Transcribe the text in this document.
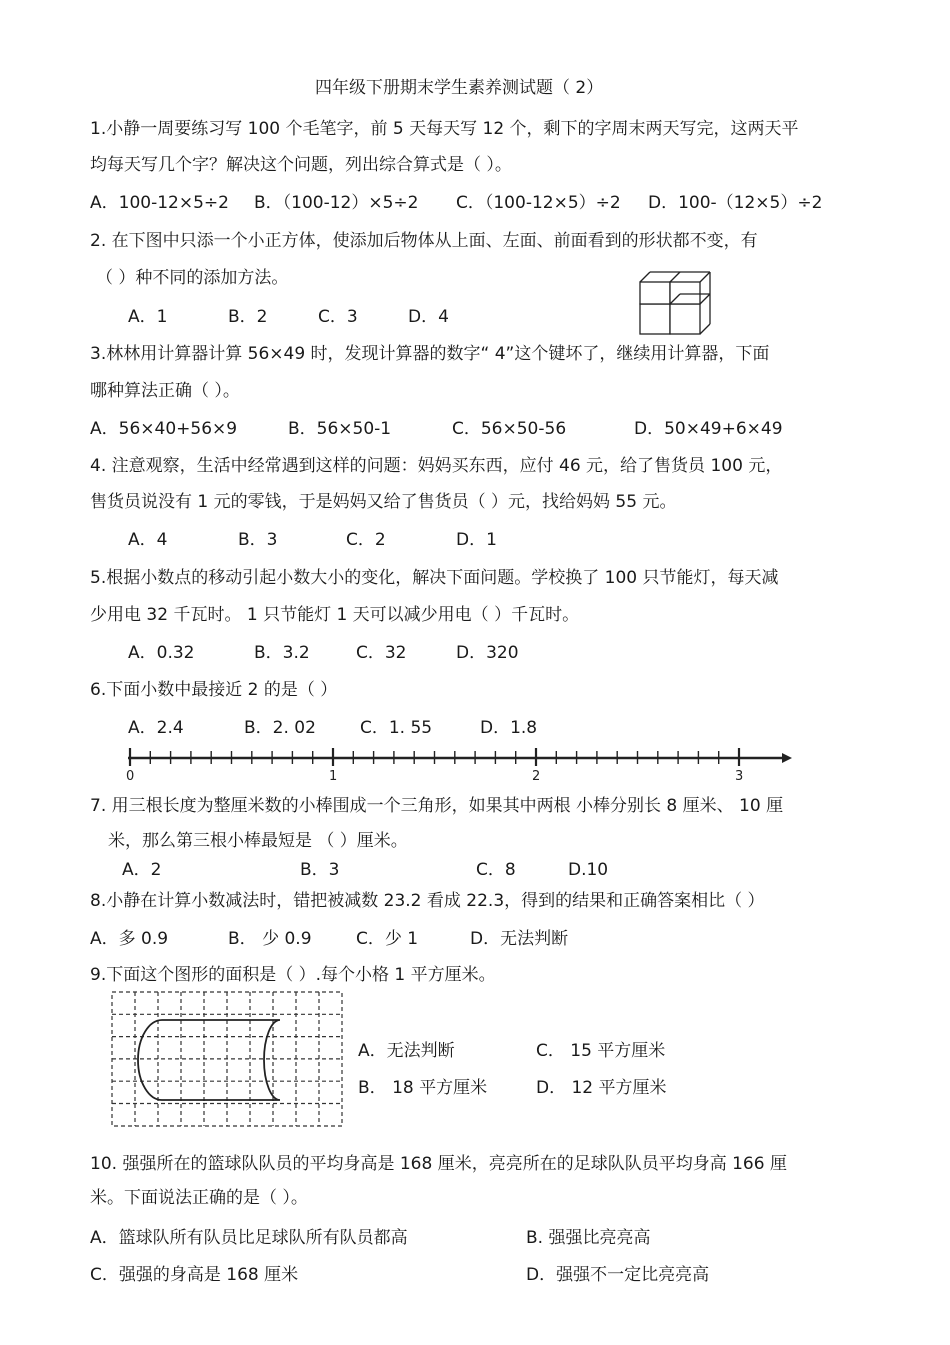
四年级下册期末学生素养测试题（ 2）
1.小静一周要练习写 100 个毛笔字，前 5 天每天写 12 个，剩下的字周末两天写完，这两天平
均每天写几个字？解决这个问题，列出综合算式是（ ）。
A．100-12×5÷2 B．（100-12）×5÷2 C．（100-12×5）÷2 D．100-（12×5）÷2
2. 在下图中只添一个小正方体，使添加后物体从上面、左面、前面看到的形状都不变，有
（ ）种不同的添加方法。
A．1	B．2	C．3	D．4
3.林林用计算器计算 56×49 时，发现计算器的数字“ 4”这个键坏了，继续用计算器，下面
哪种算法正确（ ）。
A．56×40+56×9	B．56×50-1	C．56×50-56	D．50×49+6×49
4. 注意观察，生活中经常遇到这样的问题：妈妈买东西，应付 46 元，给了售货员 100 元，
售货员说没有 1 元的零钱，于是妈妈又给了售货员（ ）元，找给妈妈 55 元。
A．4	B．3	C．2	D．1
5.根据小数点的移动引起小数大小的变化，解决下面问题。学校换了 100 只节能灯，每天减
少用电 32 千瓦时。 1 只节能灯 1 天可以减少用电（ ）千瓦时。
A．0.32	B．3.2	C．32	D．320
6.下面小数中最接近 2 的是（ ）
A．2.4	B．2. 02	C．1. 55	D．1.8
0	1	2	3
7. 用三根长度为整厘米数的小棒围成一个三角形，如果其中两根 小棒分别长 8 厘米、 10 厘
米，那么第三根小棒最短是 （ ）厘米。
A．2	B．3	C．8	D.10
8.小静在计算小数减法时，错把被减数 23.2 看成 22.3，得到的结果和正确答案相比（ ）
A．多 0.9	B． 少 0.9	C．少 1	D．无法判断
9.下面这个图形的面积是（ ）.每个小格 1 平方厘米。
A．无法判断	C． 15 平方厘米
B． 18 平方厘米	D． 12 平方厘米
10. 强强所在的篮球队队员的平均身高是 168 厘米，亮亮所在的足球队队员平均身高 166 厘
米。下面说法正确的是（ ）。
A．篮球队所有队员比足球队所有队员都高	B. 强强比亮亮高
C．强强的身高是 168 厘米	D．强强不一定比亮亮高
